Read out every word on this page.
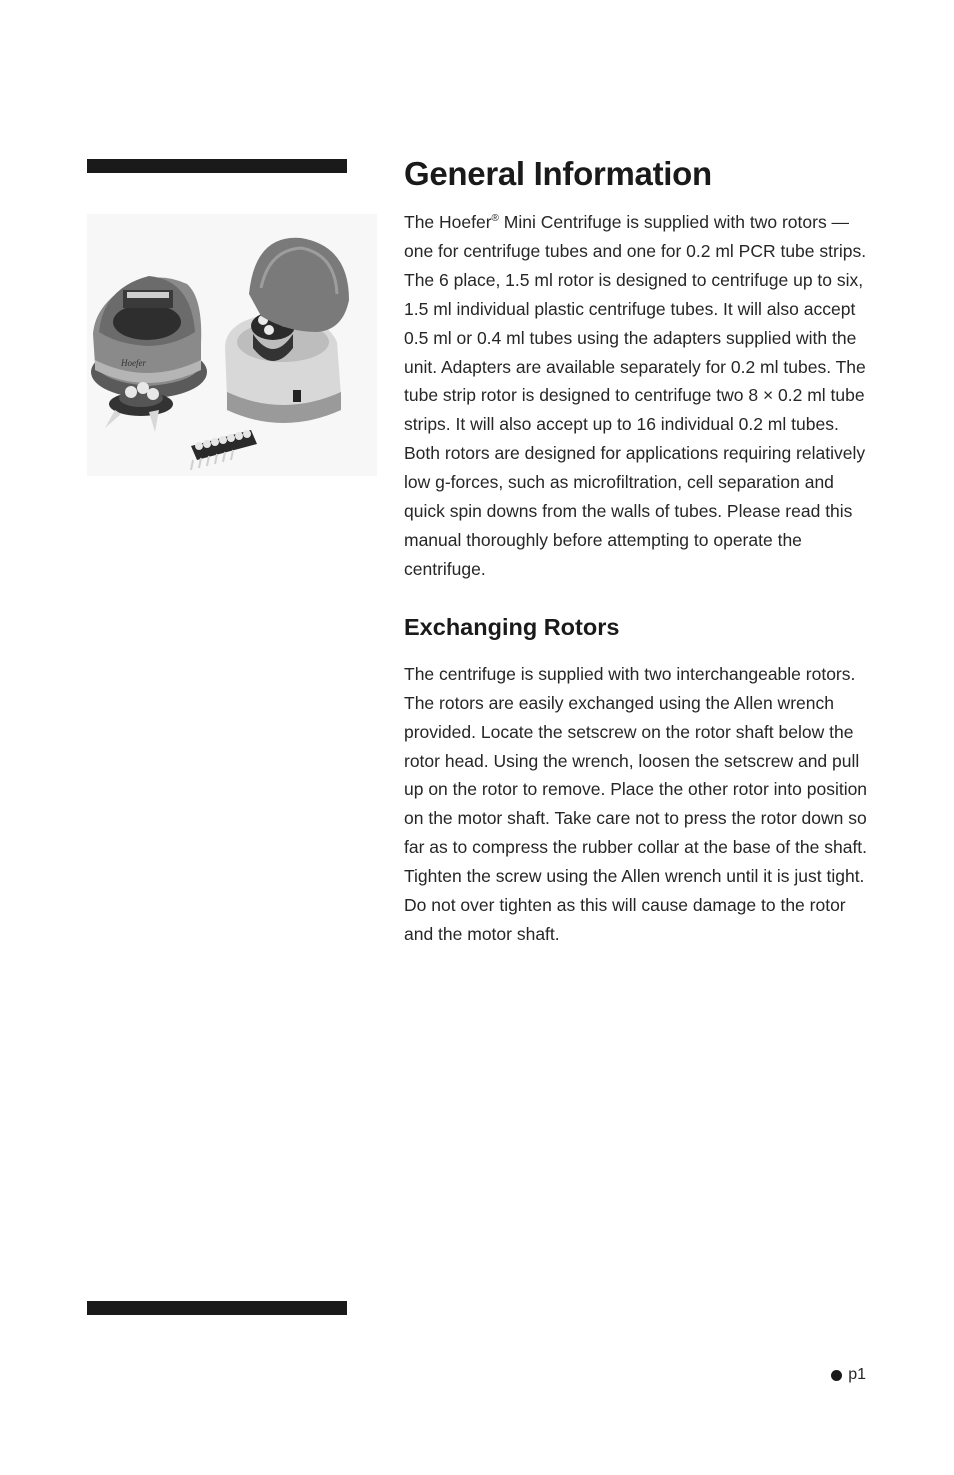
Hoefer
General Information

The Hoefer® Mini Centrifuge is supplied with two rotors — one for centrifuge tubes and one for 0.2 ml PCR tube strips. The 6 place, 1.5 ml rotor is designed to centrifuge up to six, 1.5 ml individual plastic centrifuge tubes. It will also accept 0.5 ml or 0.4 ml tubes using the adapters supplied with the unit. Adapters are available separately for 0.2 ml tubes. The tube strip rotor is designed to centrifuge two 8 × 0.2 ml tube strips. It will also accept up to 16 individual 0.2 ml tubes. Both rotors are designed for applications requiring relatively low g-forces, such as microfiltration, cell separation and quick spin downs from the walls of tubes. Please read this manual thoroughly before attempting to operate the centrifuge.

Exchanging Rotors

The centrifuge is supplied with two interchangeable rotors. The rotors are easily exchanged using the Allen wrench provided. Locate the setscrew on the rotor shaft below the rotor head. Using the wrench, loosen the setscrew and pull up on the rotor to remove. Place the other rotor into position on the motor shaft. Take care not to press the rotor down so far as to compress the rubber collar at the base of the shaft. Tighten the screw using the Allen wrench until it is just tight. Do not over tighten as this will cause damage to the rotor and the motor shaft.

p1
